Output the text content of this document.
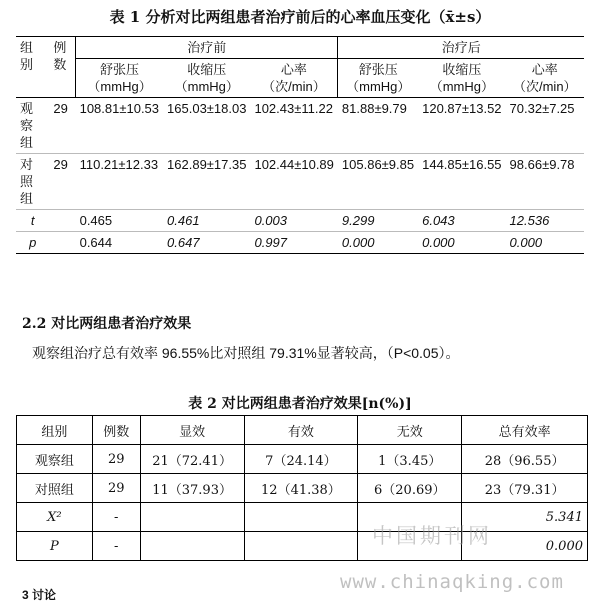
表 1 分析对比两组患者治疗前后的心率血压变化（x̄±s）
组别	例数	治疗前			治疗后		
		舒张压（mmHg）	收缩压（mmHg）	心率（次/min）	舒张压（mmHg）	收缩压（mmHg）	心率（次/min）
观察组	29	108.81±10.53	165.03±18.03	102.43±11.22	81.88±9.79	120.87±13.52	70.32±7.25
对照组	29	110.21±12.33	162.89±17.35	102.44±10.89	105.86±9.85	144.85±16.55	98.66±9.78
t		0.465	0.461	0.003	9.299	6.043	12.536
p		0.644	0.647	0.997	0.000	0.000	0.000
2.2 对比两组患者治疗效果
观察组治疗总有效率 96.55%比对照组 79.31%显著较高，（P<0.05）。
表 2 对比两组患者治疗效果[n(%)]
组别	例数	显效	有效	无效	总有效率
观察组	29	21（72.41）	7（24.14）	1（3.45）	28（96.55）
对照组	29	11（37.93）	12（41.38）	6（20.69）	23（79.31）
X²	-				5.341
P	-				0.000
中国期刊网
www.chinaqking.com
3 讨论
